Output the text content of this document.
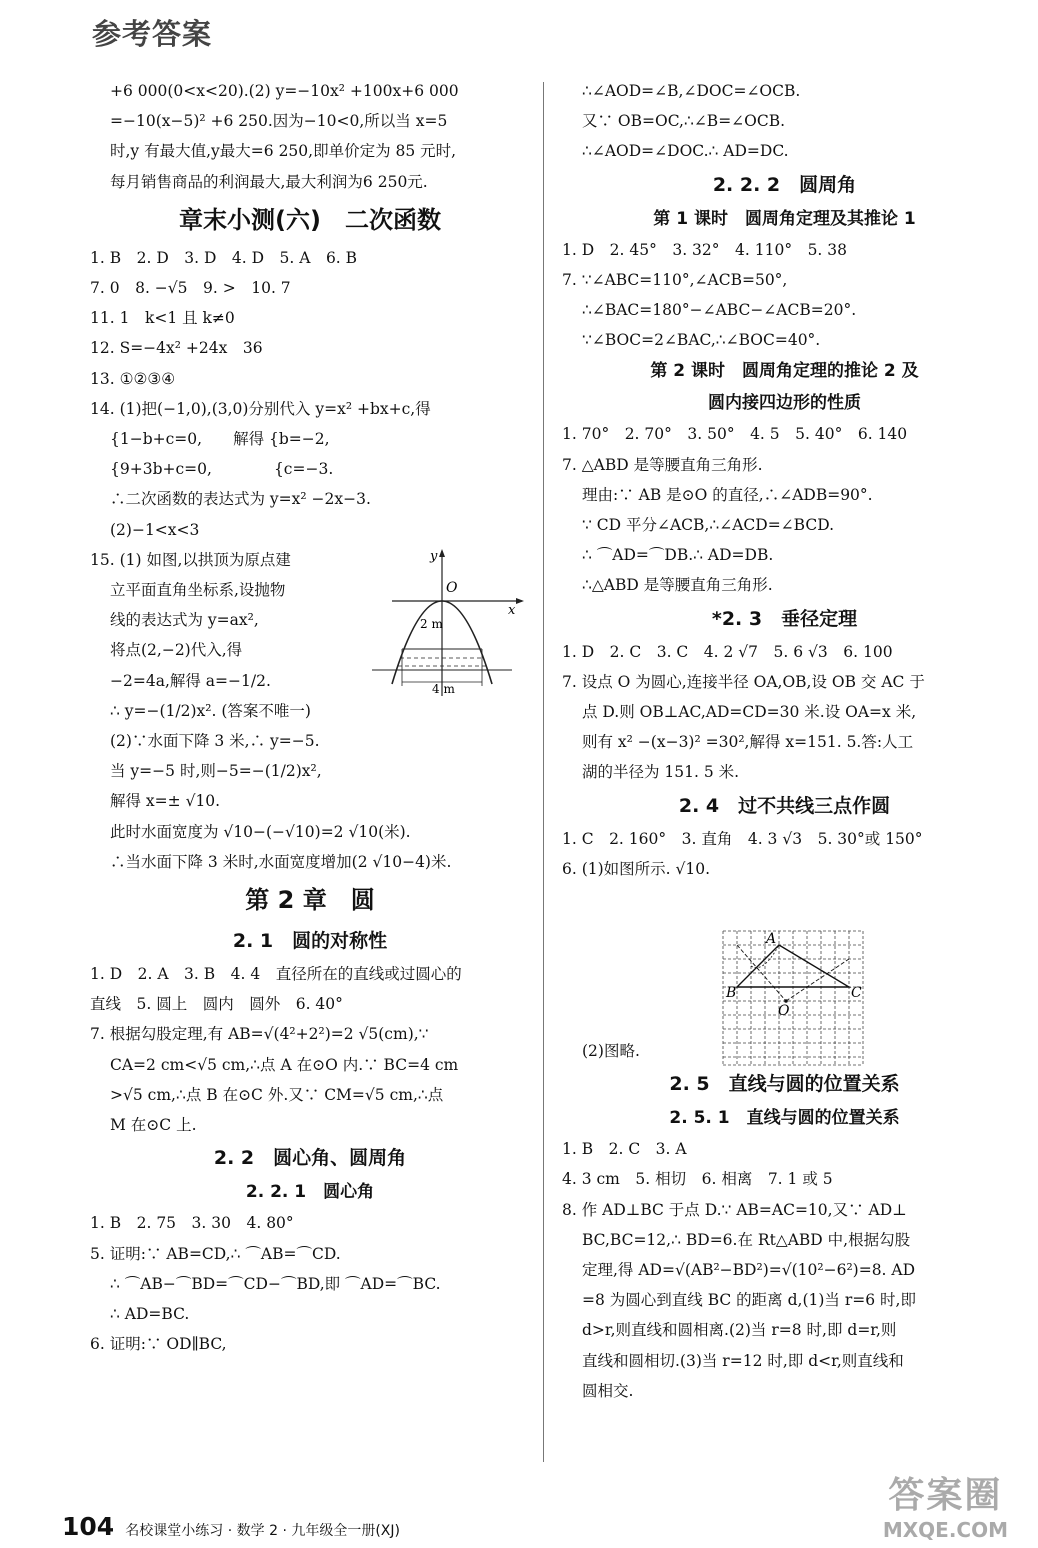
参考答案
+6 000(0<x<20).(2) y=−10x² +100x+6 000
=−10(x−5)² +6 250.因为−10<0,所以当 x=5
时,y 有最大值,y最大=6 250,即单价定为 85 元时,
每月销售商品的利润最大,最大利润为6 250元.
章末小测(六)　二次函数
1. B　2. D　3. D　4. D　5. A　6. B
7. 0　8. −√5　9. >　10. 7
11. 1　k<1 且 k≠0
12. S=−4x² +24x　36
13. ①②③④
14. (1)把(−1,0),(3,0)分别代入 y=x² +bx+c,得
{1−b+c=0,　　解得 {b=−2,
{9+3b+c=0,　　　　{c=−3.
∴二次函数的表达式为 y=x² −2x−3.
(2)−1<x<3
15. (1) 如图,以拱顶为原点建
立平面直角坐标系,设抛物
线的表达式为 y=ax²,
将点(2,−2)代入,得
−2=4a,解得 a=−1/2.
∴ y=−(1/2)x². (答案不唯一)
(2)∵水面下降 3 米,∴ y=−5.
当 y=−5 时,则−5=−(1/2)x²,
解得 x=± √10.
此时水面宽度为 √10−(−√10)=2 √10(米).
∴当水面下降 3 米时,水面宽度增加(2 √10−4)米.
第 2 章　圆
2. 1　圆的对称性
1. D　2. A　3. B　4. 4　直径所在的直线或过圆心的
直线　5. 圆上　圆内　圆外　6. 40°
7. 根据勾股定理,有 AB=√(4²+2²)=2 √5(cm),∵
CA=2 cm<√5 cm,∴点 A 在⊙O 内.∵ BC=4 cm
>√5 cm,∴点 B 在⊙C 外.又∵ CM=√5 cm,∴点
M 在⊙C 上.
2. 2　圆心角、圆周角
2. 2. 1　圆心角
1. B　2. 75　3. 30　4. 80°
5. 证明:∵ AB=CD,∴ ⌒AB=⌒CD.
∴ ⌒AB−⌒BD=⌒CD−⌒BD,即 ⌒AD=⌒BC.
∴ AD=BC.
6. 证明:∵ OD∥BC,
∴∠AOD=∠B,∠DOC=∠OCB.
又∵ OB=OC,∴∠B=∠OCB.
∴∠AOD=∠DOC.∴ AD=DC.
2. 2. 2　圆周角
第 1 课时　圆周角定理及其推论 1
1. D　2. 45°　3. 32°　4. 110°　5. 38
7. ∵∠ABC=110°,∠ACB=50°,
∴∠BAC=180°−∠ABC−∠ACB=20°.
∵∠BOC=2∠BAC,∴∠BOC=40°.
第 2 课时　圆周角定理的推论 2 及
圆内接四边形的性质
1. 70°　2. 70°　3. 50°　4. 5　5. 40°　6. 140
7. △ABD 是等腰直角三角形.
理由:∵ AB 是⊙O 的直径,∴∠ADB=90°.
∵ CD 平分∠ACB,∴∠ACD=∠BCD.
∴ ⌒AD=⌒DB.∴ AD=DB.
∴△ABD 是等腰直角三角形.
*2. 3　垂径定理
1. D　2. C　3. C　4. 2 √7　5. 6 √3　6. 100
7. 设点 O 为圆心,连接半径 OA,OB,设 OB 交 AC 于
点 D.则 OB⊥AC,AD=CD=30 米.设 OA=x 米,
则有 x² −(x−3)² =30²,解得 x=151. 5.答:人工
湖的半径为 151. 5 米.
2. 4　过不共线三点作圆
1. C　2. 160°　3. 直角　4. 3 √3　5. 30°或 150°
6. (1)如图所示. √10.
(2)图略.
2. 5　直线与圆的位置关系
2. 5. 1　直线与圆的位置关系
1. B　2. C　3. A
4. 3 cm　5. 相切　6. 相离　7. 1 或 5
8. 作 AD⊥BC 于点 D.∵ AB=AC=10,又∵ AD⊥
BC,BC=12,∴ BD=6.在 Rt△ABD 中,根据勾股
定理,得 AD=√(AB²−BD²)=√(10²−6²)=8. AD
=8 为圆心到直线 BC 的距离 d,(1)当 r=6 时,即
d>r,则直线和圆相离.(2)当 r=8 时,即 d=r,则
直线和圆相切.(3)当 r=12 时,即 d<r,则直线和
圆相交.
y
O
x
2 m
4 m
A
B	C
O
104 名校课堂小练习 · 数学 2 · 九年级全一册(XJ)
答案圈
MXQE.COM
